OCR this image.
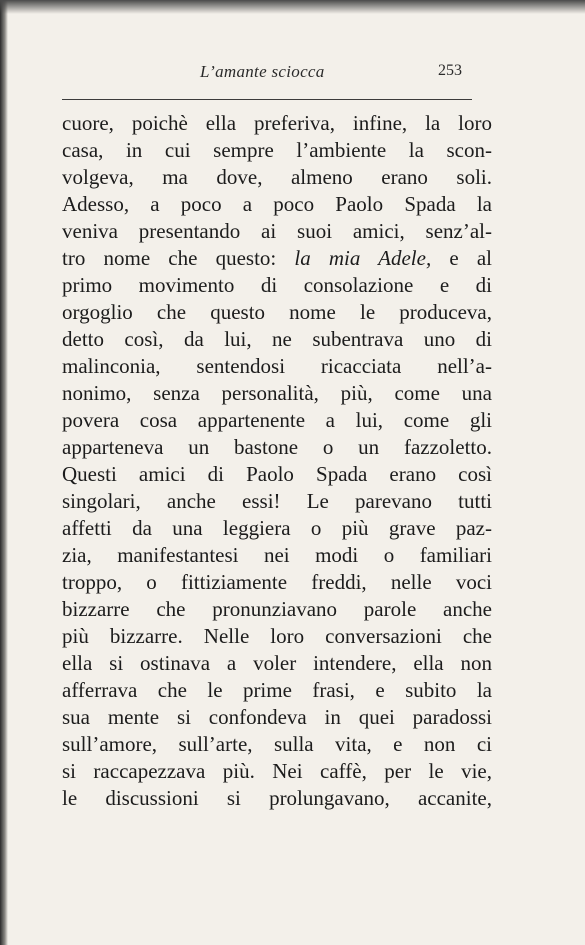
L’amante sciocca	253
cuore, poichè ella preferiva, infine, la loro
casa, in cui sempre l’ambiente la scon-
volgeva, ma dove, almeno erano soli.
Adesso, a poco a poco Paolo Spada la
veniva presentando ai suoi amici, senz’al-
tro nome che questo: la mia Adele, e al
primo movimento di consolazione e di
orgoglio che questo nome le produceva,
detto così, da lui, ne subentrava uno di
malinconia, sentendosi ricacciata nell’a-
nonimo, senza personalità, più, come una
povera cosa appartenente a lui, come gli
apparteneva un bastone o un fazzoletto.
Questi amici di Paolo Spada erano così
singolari, anche essi! Le parevano tutti
affetti da una leggiera o più grave paz-
zia, manifestantesi nei modi o familiari
troppo, o fittiziamente freddi, nelle voci
bizzarre che pronunziavano parole anche
più bizzarre. Nelle loro conversazioni che
ella si ostinava a voler intendere, ella non
afferrava che le prime frasi, e subito la
sua mente si confondeva in quei paradossi
sull’amore, sull’arte, sulla vita, e non ci
si raccapezzava più. Nei caffè, per le vie,
le discussioni si prolungavano, accanite,
